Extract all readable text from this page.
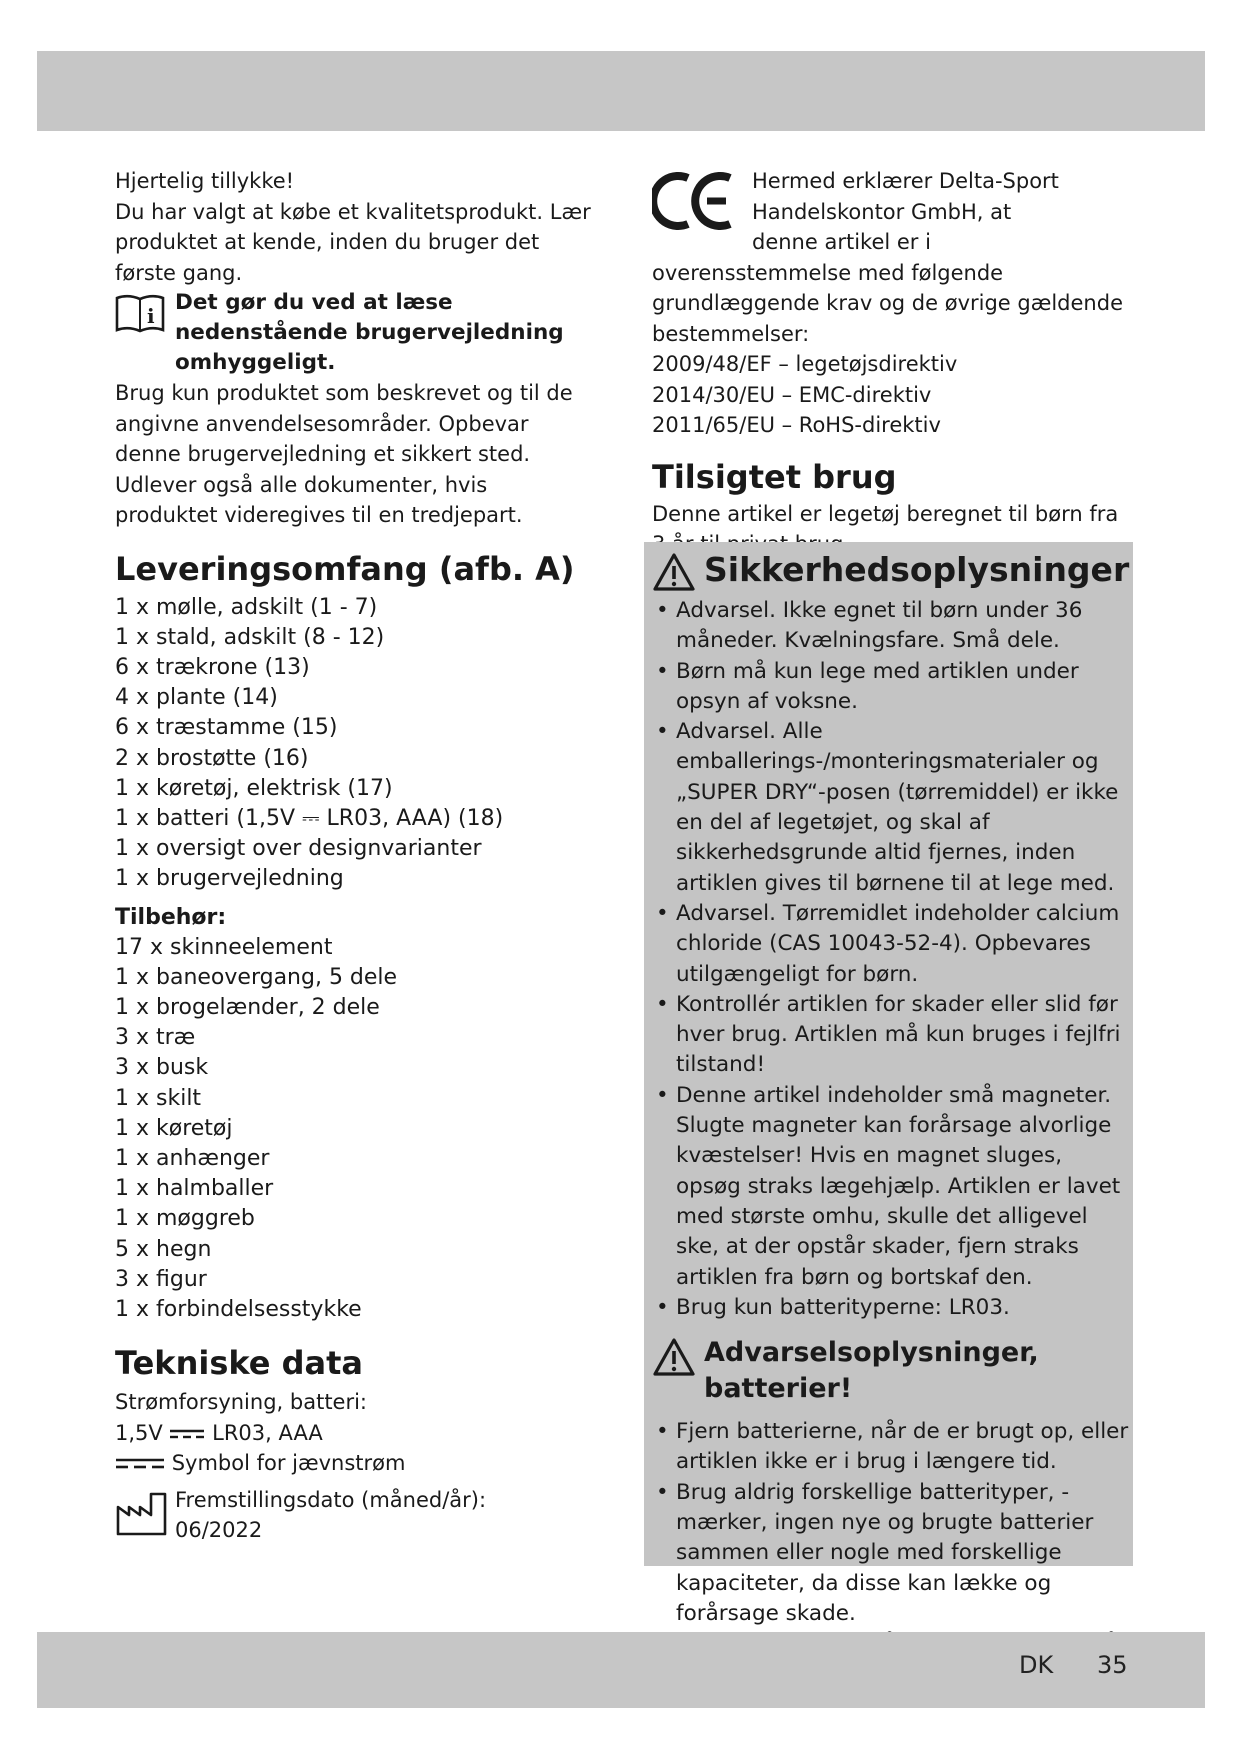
Hjertelig tillykke!

Du har valgt at købe et kvalitetsprodukt. Lær produktet at kende, inden du bruger det første gang.

i
Det gør du ved at læse nedenstående brugervejledning omhyggeligt.

Brug kun produktet som beskrevet og til de angivne anvendelsesområder. Opbevar denne brugervejledning et sikkert sted. Udlever også alle dokumenter, hvis produktet videregives til en tredjepart.

Leveringsomfang (afb. A)
1 x mølle, adskilt (1 - 7)
1 x stald, adskilt (8 - 12)
6 x trækrone (13)
4 x plante (14)
6 x træstamme (15)
2 x brostøtte (16)
1 x køretøj, elektrisk (17)
1 x batteri (1,5V ⎓ LR03, AAA) (18)
1 x oversigt over designvarianter
1 x brugervejledning
Tilbehør:
17 x skinneelement
1 x baneovergang, 5 dele
1 x brogelænder, 2 dele
3 x træ
3 x busk
1 x skilt
1 x køretøj
1 x anhænger
1 x halmballer
1 x møggreb
5 x hegn
3 x figur
1 x forbindelsesstykke
Tekniske data

Strømforsyning, batteri:

1,5V LR03, AAA

Symbol for jævnstrøm

Fremstillingsdato (måned/år):

06/2022

Hermed erklærer Delta-Sport Handelskontor GmbH, at denne artikel er i

overensstemmelse med følgende grundlæggende krav og de øvrige gældende bestemmelser:

2009/48/EF – legetøjsdirektiv

2014/30/EU – EMC-direktiv

2011/65/EU – RoHS-direktiv

Tilsigtet brug

Denne artikel er legetøj beregnet til børn fra

Sikkerhedsoplysninger
• Advarsel. Ikke egnet til børn under 36 måneder. Kvælningsfare. Små dele.
• Børn må kun lege med artiklen under opsyn af voksne.
• Advarsel. Alle emballerings-/monteringsmaterialer og „SUPER DRY“-posen (tørremiddel) er ikke en del af legetøjet, og skal af sikkerhedsgrunde altid fjernes, inden artiklen gives til børnene til at lege med.
• Advarsel. Tørremidlet indeholder calcium chloride (CAS 10043-52-4). Opbevares utilgængeligt for børn.
• Kontrollér artiklen for skader eller slid før hver brug. Artiklen må kun bruges i fejlfri tilstand!
• Denne artikel indeholder små magneter. Slugte magneter kan forårsage alvorlige kvæstelser! Hvis en magnet sluges, opsøg straks lægehjælp. Artiklen er lavet med største omhu, skulle det alligevel ske, at der opstår skader, fjern straks artiklen fra børn og bortskaf den.
• Brug kun batterityperne: LR03.
Advarselsoplysninger, batterier!
• Fjern batterierne, når de er brugt op, eller artiklen ikke er i brug i længere tid.
• Brug aldrig forskellige batterityper, -mærker, ingen nye og brugte batterier sammen eller nogle med forskellige kapaciteter, da disse kan lække og forårsage skade.
•
DK 35
